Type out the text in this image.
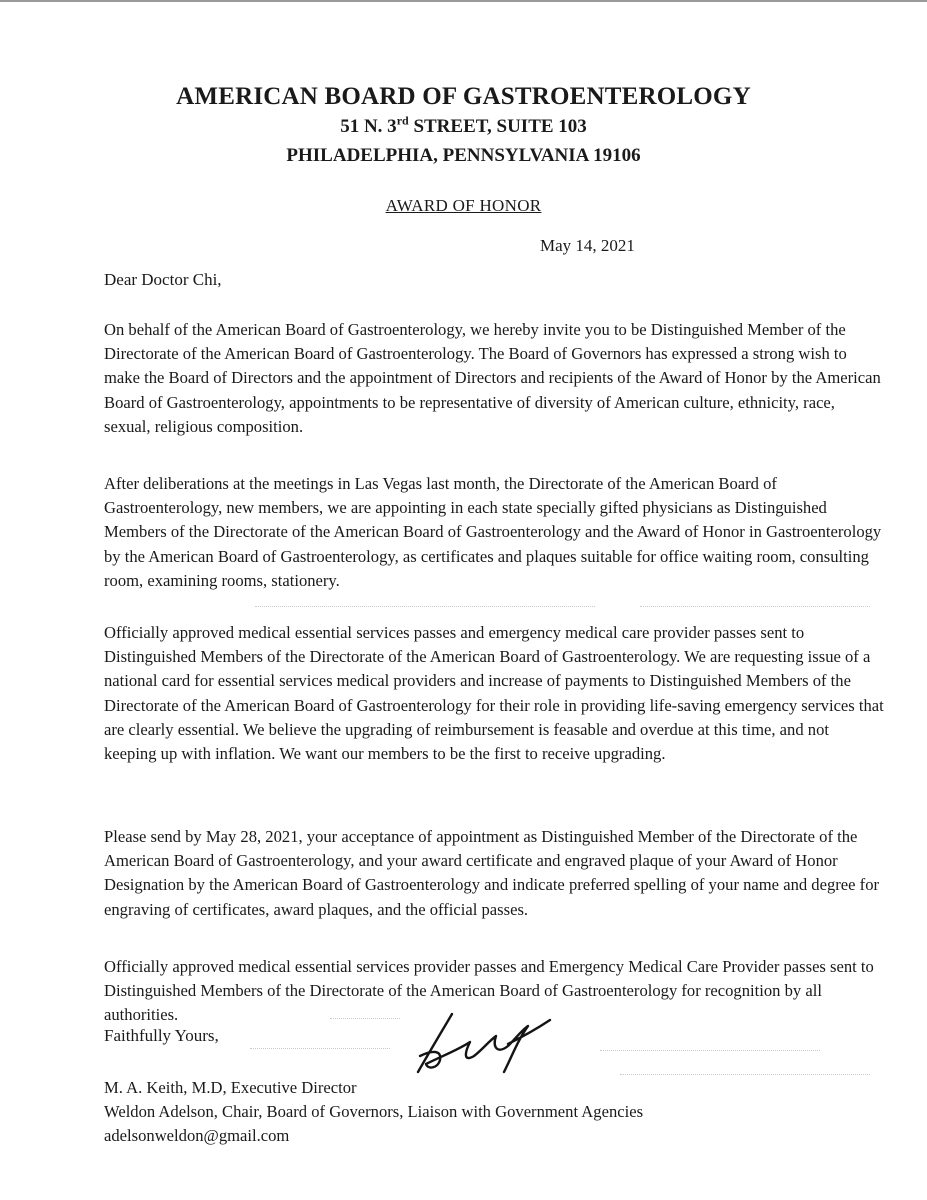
AMERICAN BOARD OF GASTROENTEROLOGY

51 N. 3rd STREET, SUITE 103

PHILADELPHIA, PENNSYLVANIA 19106

AWARD OF HONOR
May 14, 2021
Dear Doctor Chi,

On behalf of the American Board of Gastroenterology, we hereby invite you to be Distinguished Member of the Directorate of the American Board of Gastroenterology. The Board of Governors has expressed a strong wish to make the Board of Directors and the appointment of Directors and recipients of the Award of Honor by the American Board of Gastroenterology, appointments to be representative of diversity of American culture, ethnicity, race, sexual, religious composition.

After deliberations at the meetings in Las Vegas last month, the Directorate of the American Board of Gastroenterology, new members, we are appointing in each state specially gifted physicians as Distinguished Members of the Directorate of the American Board of Gastroenterology and the Award of Honor in Gastroenterology by the American Board of Gastroenterology, as certificates and plaques suitable for office waiting room, consulting room, examining rooms, stationery.

Officially approved medical essential services passes and emergency medical care provider passes sent to Distinguished Members of the Directorate of the American Board of Gastroenterology. We are requesting issue of a national card for essential services medical providers and increase of payments to Distinguished Members of the Directorate of the American Board of Gastroenterology for their role in providing life-saving emergency services that are clearly essential. We believe the upgrading of reimbursement is feasable and overdue at this time, and not keeping up with inflation. We want our members to be the first to receive upgrading.

Please send by May 28, 2021, your acceptance of appointment as Distinguished Member of the Directorate of the American Board of Gastroenterology, and your award certificate and engraved plaque of your Award of Honor Designation by the American Board of Gastroenterology and indicate preferred spelling of your name and degree for engraving of certificates, award plaques, and the official passes.

Officially approved medical essential services provider passes and Emergency Medical Care Provider passes sent to Distinguished Members of the Directorate of the American Board of Gastroenterology for recognition by all authorities.

Faithfully Yours,
M. A. Keith, M.D, Executive Director
Weldon Adelson, Chair, Board of Governors, Liaison with Government Agencies
adelsonweldon@gmail.com
